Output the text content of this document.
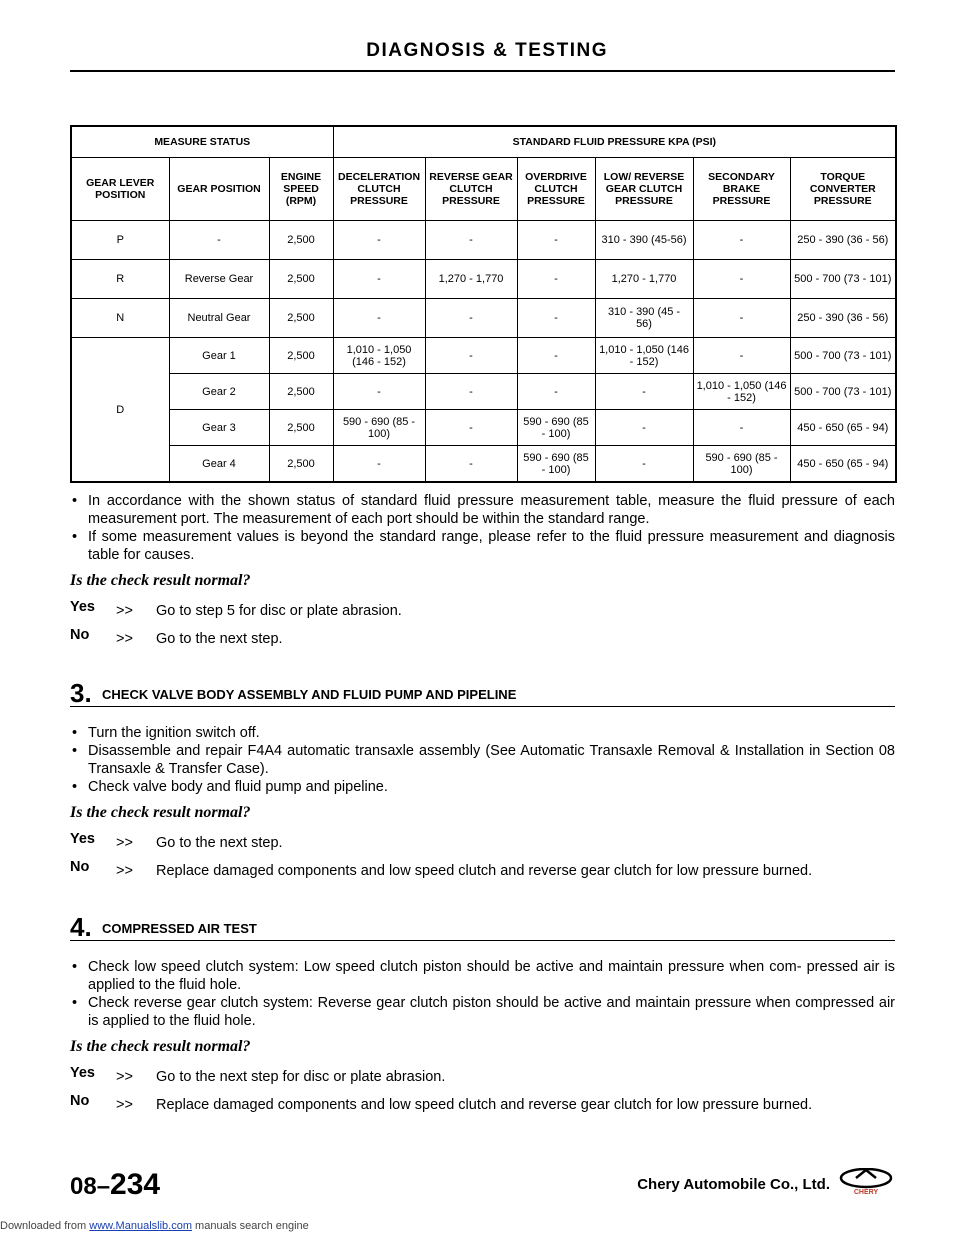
DIAGNOSIS & TESTING
MEASURE STATUS			STANDARD FLUID PRESSURE KPA (PSI)					
GEAR LEVER POSITION	GEAR POSITION	ENGINE SPEED (RPM)	DECELERATION CLUTCH PRESSURE	REVERSE GEAR CLUTCH PRESSURE	OVERDRIVE CLUTCH PRESSURE	LOW/ REVERSE GEAR CLUTCH PRESSURE	SECONDARY BRAKE PRESSURE	TORQUE CONVERTER PRESSURE
P	-	2,500	-	-	-	310 - 390 (45-56)	-	250 - 390 (36 - 56)
R	Reverse Gear	2,500	-	1,270 - 1,770	-	1,270 - 1,770	-	500 - 700 (73 - 101)
N	Neutral Gear	2,500	-	-	-	310 - 390 (45 - 56)	-	250 - 390 (36 - 56)
D	Gear 1	2,500	1,010 - 1,050 (146 - 152)	-	-	1,010 - 1,050 (146 - 152)	-	500 - 700 (73 - 101)
	Gear 2	2,500	-	-	-	-	1,010 - 1,050 (146 - 152)	500 - 700 (73 - 101)
	Gear 3	2,500	590 - 690 (85 - 100)	-	590 - 690 (85 - 100)	-	-	450 - 650 (65 - 94)
	Gear 4	2,500	-	-	590 - 690 (85 - 100)	-	590 - 690 (85 - 100)	450 - 650 (65 - 94)
• In accordance with the shown status of standard fluid pressure measurement table, measure the fluid pressure of each measurement port. The measurement of each port should be within the standard range.
• If some measurement values is beyond the standard range, please refer to the fluid pressure measurement and diagnosis table for causes.
Is the check result normal?
Yes	>>	Go to step 5 for disc or plate abrasion.
No	>>	Go to the next step.
3. CHECK VALVE BODY ASSEMBLY AND FLUID PUMP AND PIPELINE
• Turn the ignition switch off.
• Disassemble and repair F4A4 automatic transaxle assembly (See Automatic Transaxle Removal & Installation in Section 08 Transaxle & Transfer Case).
• Check valve body and fluid pump and pipeline.
Is the check result normal?
Yes	>>	Go to the next step.
No	>>	Replace damaged components and low speed clutch and reverse gear clutch for low pressure burned.
4. COMPRESSED AIR TEST
• Check low speed clutch system: Low speed clutch piston should be active and maintain pressure when com- pressed air is applied to the fluid hole.
• Check reverse gear clutch system: Reverse gear clutch piston should be active and maintain pressure when compressed air is applied to the fluid hole.
Is the check result normal?
Yes	>>	Go to the next step for disc or plate abrasion.
No	>>	Replace damaged components and low speed clutch and reverse gear clutch for low pressure burned.
08–234	Chery Automobile Co., Ltd.	CHERY
Downloaded from www.Manualslib.com manuals search engine
